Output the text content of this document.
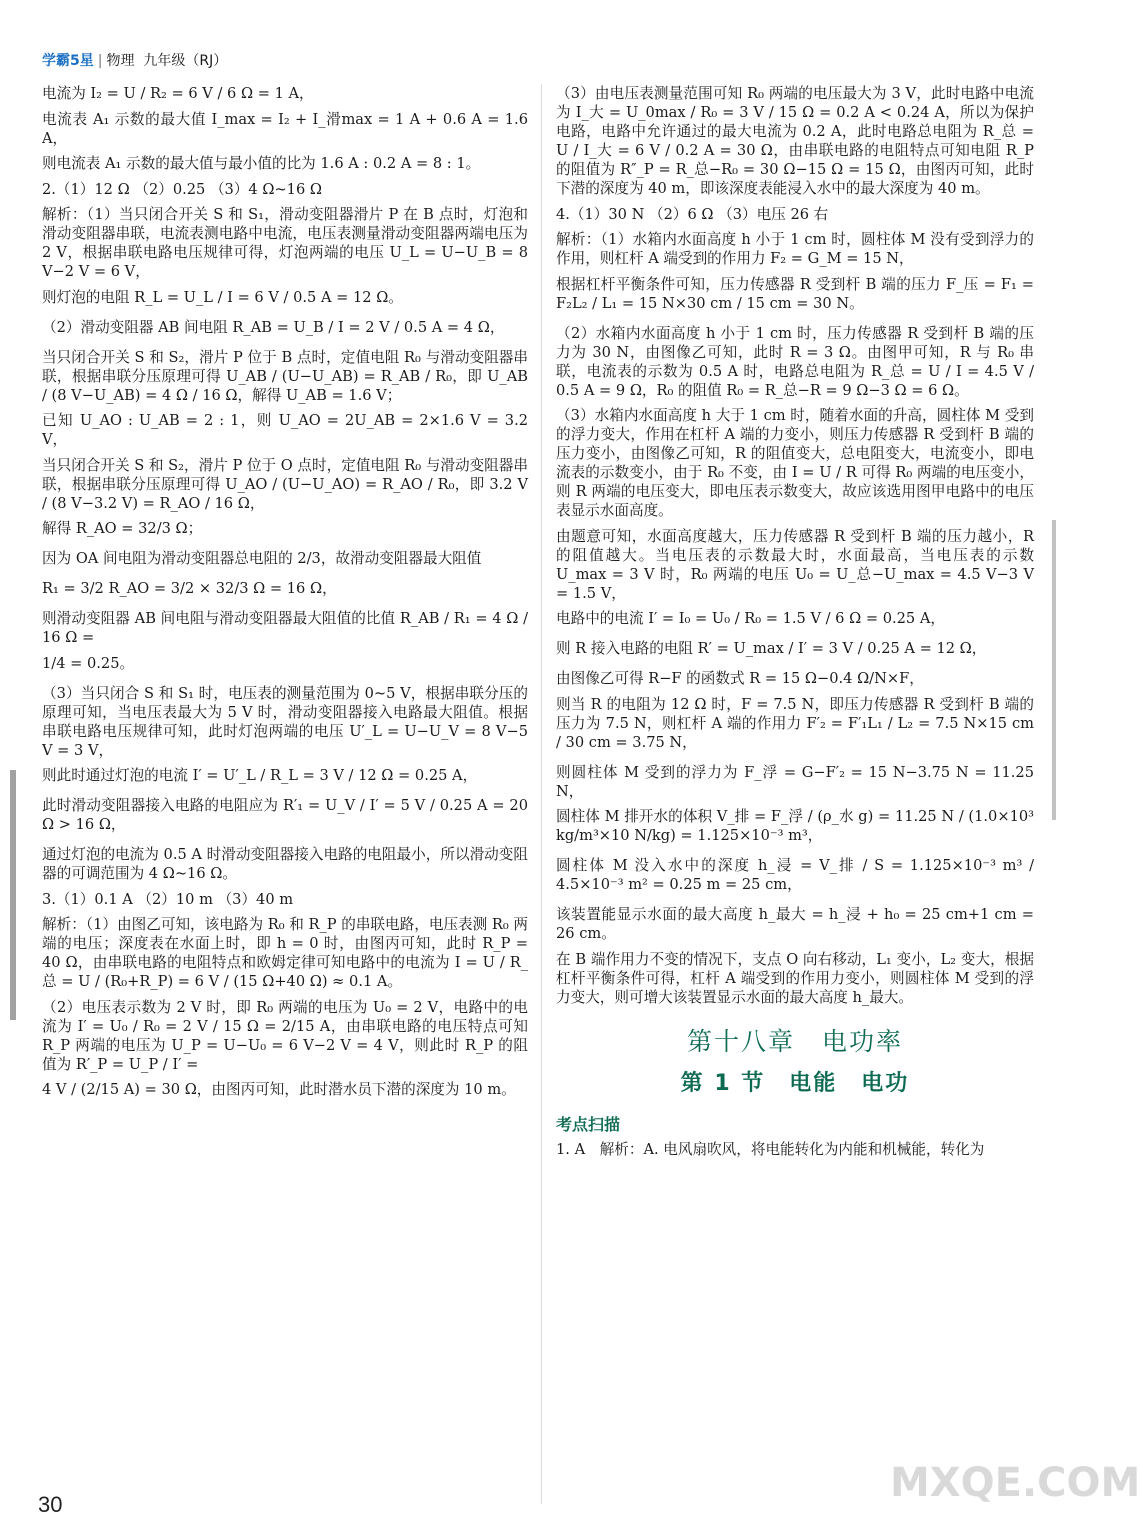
学霸5星 | 物理 九年级（RJ）

电流为 I₂ = U / R₂ = 6 V / 6 Ω = 1 A，

电流表 A₁ 示数的最大值 I_max = I₂ + I_滑max = 1 A + 0.6 A = 1.6 A，

则电流表 A₁ 示数的最大值与最小值的比为 1.6 A : 0.2 A = 8 : 1。

2.（1）12 Ω （2）0.25 （3）4 Ω~16 Ω

解析：（1）当只闭合开关 S 和 S₁，滑动变阻器滑片 P 在 B 点时，灯泡和滑动变阻器串联，电流表测电路中电流，电压表测量滑动变阻器两端电压为 2 V，根据串联电路电压规律可得，灯泡两端的电压 U_L = U−U_B = 8 V−2 V = 6 V，

则灯泡的电阻 R_L = U_L / I = 6 V / 0.5 A = 12 Ω。

（2）滑动变阻器 AB 间电阻 R_AB = U_B / I = 2 V / 0.5 A = 4 Ω，

当只闭合开关 S 和 S₂，滑片 P 位于 B 点时，定值电阻 R₀ 与滑动变阻器串联，根据串联分压原理可得 U_AB / (U−U_AB) = R_AB / R₀，即 U_AB / (8 V−U_AB) = 4 Ω / 16 Ω，解得 U_AB = 1.6 V；

已知 U_AO : U_AB = 2 : 1，则 U_AO = 2U_AB = 2×1.6 V = 3.2 V，

当只闭合开关 S 和 S₂，滑片 P 位于 O 点时，定值电阻 R₀ 与滑动变阻器串联，根据串联分压原理可得 U_AO / (U−U_AO) = R_AO / R₀，即 3.2 V / (8 V−3.2 V) = R_AO / 16 Ω，

解得 R_AO = 32/3 Ω；

因为 OA 间电阻为滑动变阻器总电阻的 2/3，故滑动变阻器最大阻值

R₁ = 3/2 R_AO = 3/2 × 32/3 Ω = 16 Ω，

则滑动变阻器 AB 间电阻与滑动变阻器最大阻值的比值 R_AB / R₁ = 4 Ω / 16 Ω =

1/4 = 0.25。

（3）当只闭合 S 和 S₁ 时，电压表的测量范围为 0~5 V，根据串联分压的原理可知，当电压表最大为 5 V 时，滑动变阻器接入电路最大阻值。根据串联电路电压规律可知，此时灯泡两端的电压 U′_L = U−U_V = 8 V−5 V = 3 V，

则此时通过灯泡的电流 I′ = U′_L / R_L = 3 V / 12 Ω = 0.25 A，

此时滑动变阻器接入电路的电阻应为 R′₁ = U_V / I′ = 5 V / 0.25 A = 20 Ω > 16 Ω，

通过灯泡的电流为 0.5 A 时滑动变阻器接入电路的电阻最小，所以滑动变阻器的可调范围为 4 Ω~16 Ω。

3.（1）0.1 A （2）10 m （3）40 m

解析：（1）由图乙可知，该电路为 R₀ 和 R_P 的串联电路，电压表测 R₀ 两端的电压；深度表在水面上时，即 h = 0 时，由图丙可知，此时 R_P = 40 Ω，由串联电路的电阻特点和欧姆定律可知电路中的电流为 I = U / R_总 = U / (R₀+R_P) = 6 V / (15 Ω+40 Ω) ≈ 0.1 A。

（2）电压表示数为 2 V 时，即 R₀ 两端的电压为 U₀ = 2 V，电路中的电流为 I′ = U₀ / R₀ = 2 V / 15 Ω = 2/15 A，由串联电路的电压特点可知 R_P 两端的电压为 U_P = U−U₀ = 6 V−2 V = 4 V，则此时 R_P 的阻值为 R′_P = U_P / I′ =

4 V / (2/15 A) = 30 Ω，由图丙可知，此时潜水员下潜的深度为 10 m。

（3）由电压表测量范围可知 R₀ 两端的电压最大为 3 V，此时电路中电流为 I_大 = U_0max / R₀ = 3 V / 15 Ω = 0.2 A < 0.24 A，所以为保护电路，电路中允许通过的最大电流为 0.2 A，此时电路总电阻为 R_总 = U / I_大 = 6 V / 0.2 A = 30 Ω，由串联电路的电阻特点可知电阻 R_P 的阻值为 R″_P = R_总−R₀ = 30 Ω−15 Ω = 15 Ω，由图丙可知，此时下潜的深度为 40 m，即该深度表能浸入水中的最大深度为 40 m。

4.（1）30 N （2）6 Ω （3）电压 26 右

解析：（1）水箱内水面高度 h 小于 1 cm 时，圆柱体 M 没有受到浮力的作用，则杠杆 A 端受到的作用力 F₂ = G_M = 15 N，

根据杠杆平衡条件可知，压力传感器 R 受到杆 B 端的压力 F_压 = F₁ = F₂L₂ / L₁ = 15 N×30 cm / 15 cm = 30 N。

（2）水箱内水面高度 h 小于 1 cm 时，压力传感器 R 受到杆 B 端的压力为 30 N，由图像乙可知，此时 R = 3 Ω。由图甲可知，R 与 R₀ 串联，电流表的示数为 0.5 A 时，电路总电阻为 R_总 = U / I = 4.5 V / 0.5 A = 9 Ω，R₀ 的阻值 R₀ = R_总−R = 9 Ω−3 Ω = 6 Ω。

（3）水箱内水面高度 h 大于 1 cm 时，随着水面的升高，圆柱体 M 受到的浮力变大，作用在杠杆 A 端的力变小，则压力传感器 R 受到杆 B 端的压力变小，由图像乙可知，R 的阻值变大，总电阻变大，电流变小，即电流表的示数变小，由于 R₀ 不变，由 I = U / R 可得 R₀ 两端的电压变小，则 R 两端的电压变大，即电压表示数变大，故应该选用图甲电路中的电压表显示水面高度。

由题意可知，水面高度越大，压力传感器 R 受到杆 B 端的压力越小，R 的阻值越大。当电压表的示数最大时，水面最高，当电压表的示数 U_max = 3 V 时，R₀ 两端的电压 U₀ = U_总−U_max = 4.5 V−3 V = 1.5 V，

电路中的电流 I′ = I₀ = U₀ / R₀ = 1.5 V / 6 Ω = 0.25 A，

则 R 接入电路的电阻 R′ = U_max / I′ = 3 V / 0.25 A = 12 Ω，

由图像乙可得 R−F 的函数式 R = 15 Ω−0.4 Ω/N×F，

则当 R 的电阻为 12 Ω 时，F = 7.5 N，即压力传感器 R 受到杆 B 端的压力为 7.5 N，则杠杆 A 端的作用力 F′₂ = F′₁L₁ / L₂ = 7.5 N×15 cm / 30 cm = 3.75 N，

则圆柱体 M 受到的浮力为 F_浮 = G−F′₂ = 15 N−3.75 N = 11.25 N，

圆柱体 M 排开水的体积 V_排 = F_浮 / (ρ_水 g) = 11.25 N / (1.0×10³ kg/m³×10 N/kg) = 1.125×10⁻³ m³，

圆柱体 M 没入水中的深度 h_浸 = V_排 / S = 1.125×10⁻³ m³ / 4.5×10⁻³ m² = 0.25 m = 25 cm，

该装置能显示水面的最大高度 h_最大 = h_浸 + h₀ = 25 cm+1 cm = 26 cm。

在 B 端作用力不变的情况下，支点 O 向右移动，L₁ 变小，L₂ 变大，根据杠杆平衡条件可得，杠杆 A 端受到的作用力变小，则圆柱体 M 受到的浮力变大，则可增大该装置显示水面的最大高度 h_最大。

第十八章　电功率
第 1 节　电能　电功
考点扫描

1. A　解析：A. 电风扇吹风，将电能转化为内能和机械能，转化为

30	MXQE.COM
